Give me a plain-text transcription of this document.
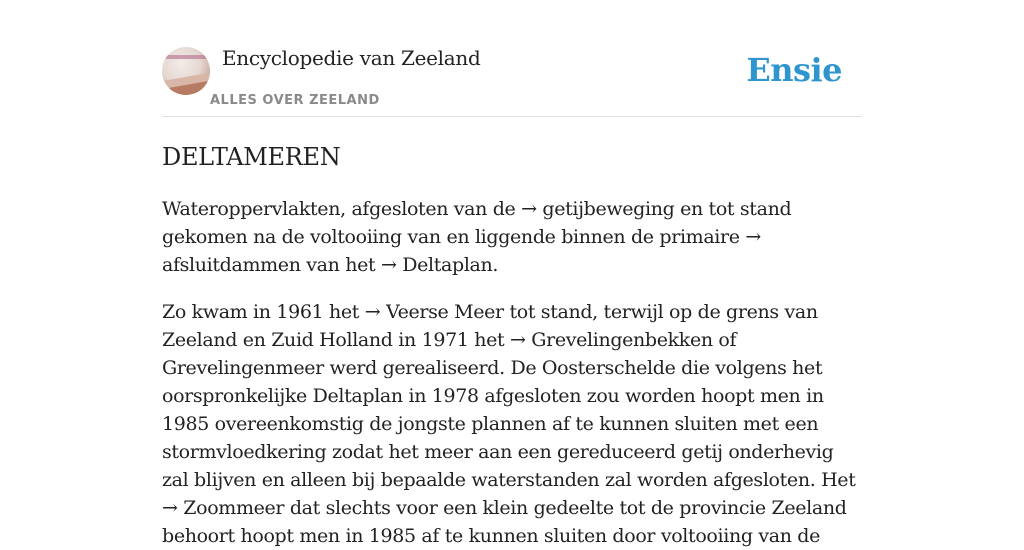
Encyclopedie van Zeeland
ALLES OVER ZEELAND
Ensie
DELTAMEREN

Wateroppervlakten, afgesloten van de → getijbeweging en tot stand gekomen na de voltooiing van en liggende binnen de primaire → afsluitdammen van het → Deltaplan.

Zo kwam in 1961 het → Veerse Meer tot stand, terwijl op de grens van Zeeland en Zuid Holland in 1971 het → Grevelingenbekken of Grevelingenmeer werd gerealiseerd. De Oosterschelde die volgens het oorspronkelijke Deltaplan in 1978 afgesloten zou worden hoopt men in 1985 overeenkomstig de jongste plannen af te kunnen sluiten met een stormvloedkering zodat het meer aan een gereduceerd getij onderhevig zal blijven en alleen bij bepaalde waterstanden zal worden afgesloten. Het → Zoommeer dat slechts voor een klein gedeelte tot de provincie Zeeland behoort hoopt men in 1985 af te kunnen sluiten door voltooiing van de
